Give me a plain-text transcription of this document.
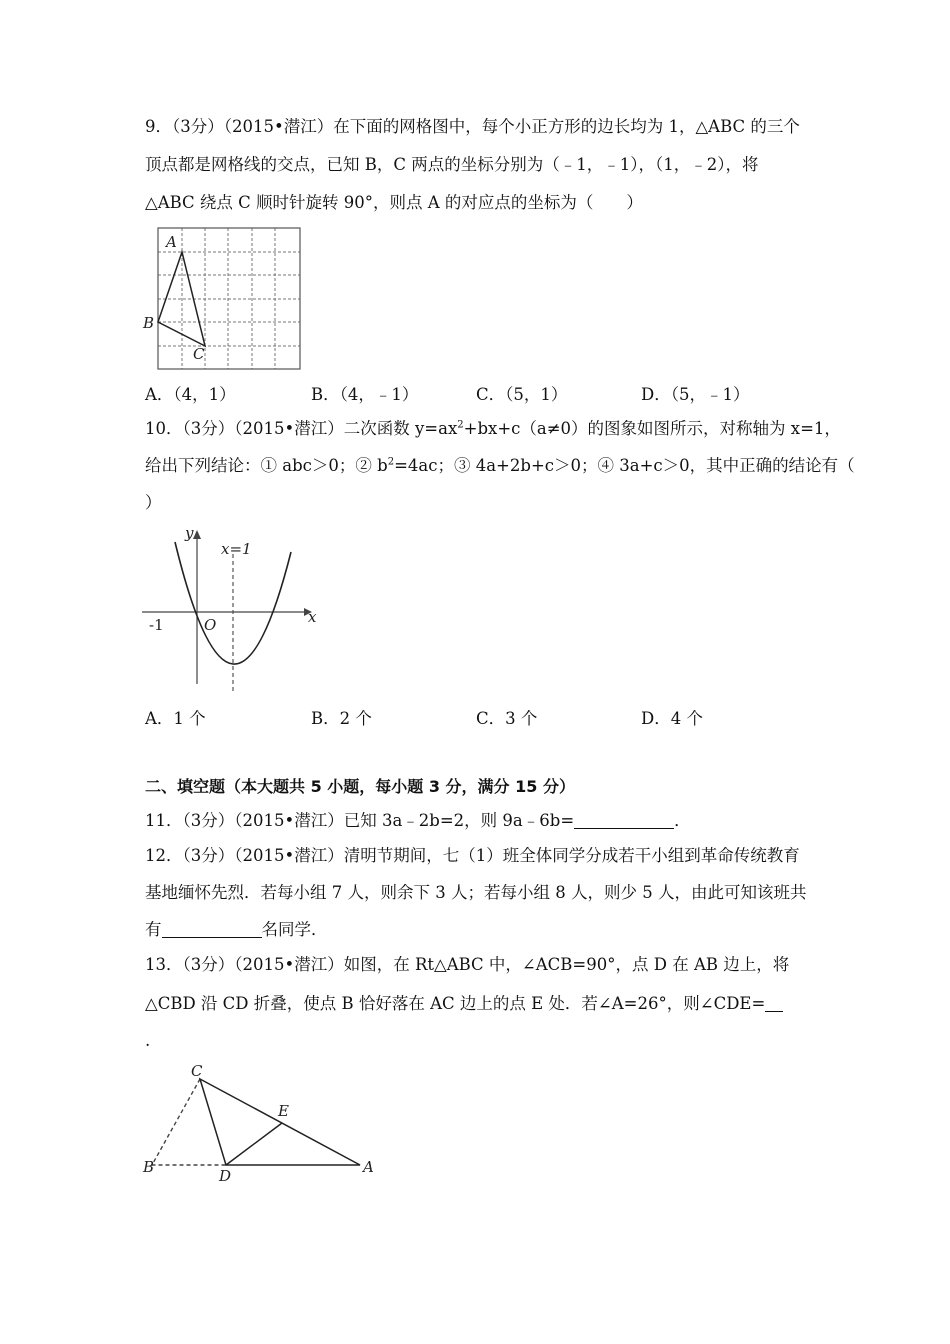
9．（3分）（2015•潜江）在下面的网格图中，每个小正方形的边长均为 1，△ABC 的三个
顶点都是网格线的交点，已知 B，C 两点的坐标分别为（﹣1，﹣1），（1，﹣2），将
△ABC 绕点 C 顺时针旋转 90°，则点 A 的对应点的坐标为（　　）
A
B
C
A．（4，1）	B．（4，﹣1）	C．（5，1）	D．（5，﹣1）
10．（3分）（2015•潜江）二次函数 $y=ax^2+bx+c(a\ne 0)$的图象如图所示，对称轴为 x=1，
给出下列结论：① abc＞0；② $b^2=4ac$；③ 4a+2b+c＞0；④ 3a+c＞0，其中正确的结论有（
）
y
x
x=1
O
-1
A．1 个	B．2 个	C．3 个	D．4 个
二、填空题（本大题共 5 小题，每小题 3 分，满分 15 分）
11．（3分）（2015•潜江）已知 3a﹣2b=2，则 9a﹣6b=	．
12．（3分）（2015•潜江）清明节期间，七（1）班全体同学分成若干小组到革命传统教育
基地缅怀先烈．若每小组 7 人，则余下 3 人；若每小组 8 人，则少 5 人，由此可知该班共
有	名同学．
13．（3分）（2015•潜江）如图，在 Rt△ABC 中，∠ACB=90°，点 D 在 AB 边上，将
△CBD 沿 CD 折叠，使点 B 恰好落在 AC 边上的点 E 处．若∠A=26°，则∠CDE=
.
C
E
B	D	A
